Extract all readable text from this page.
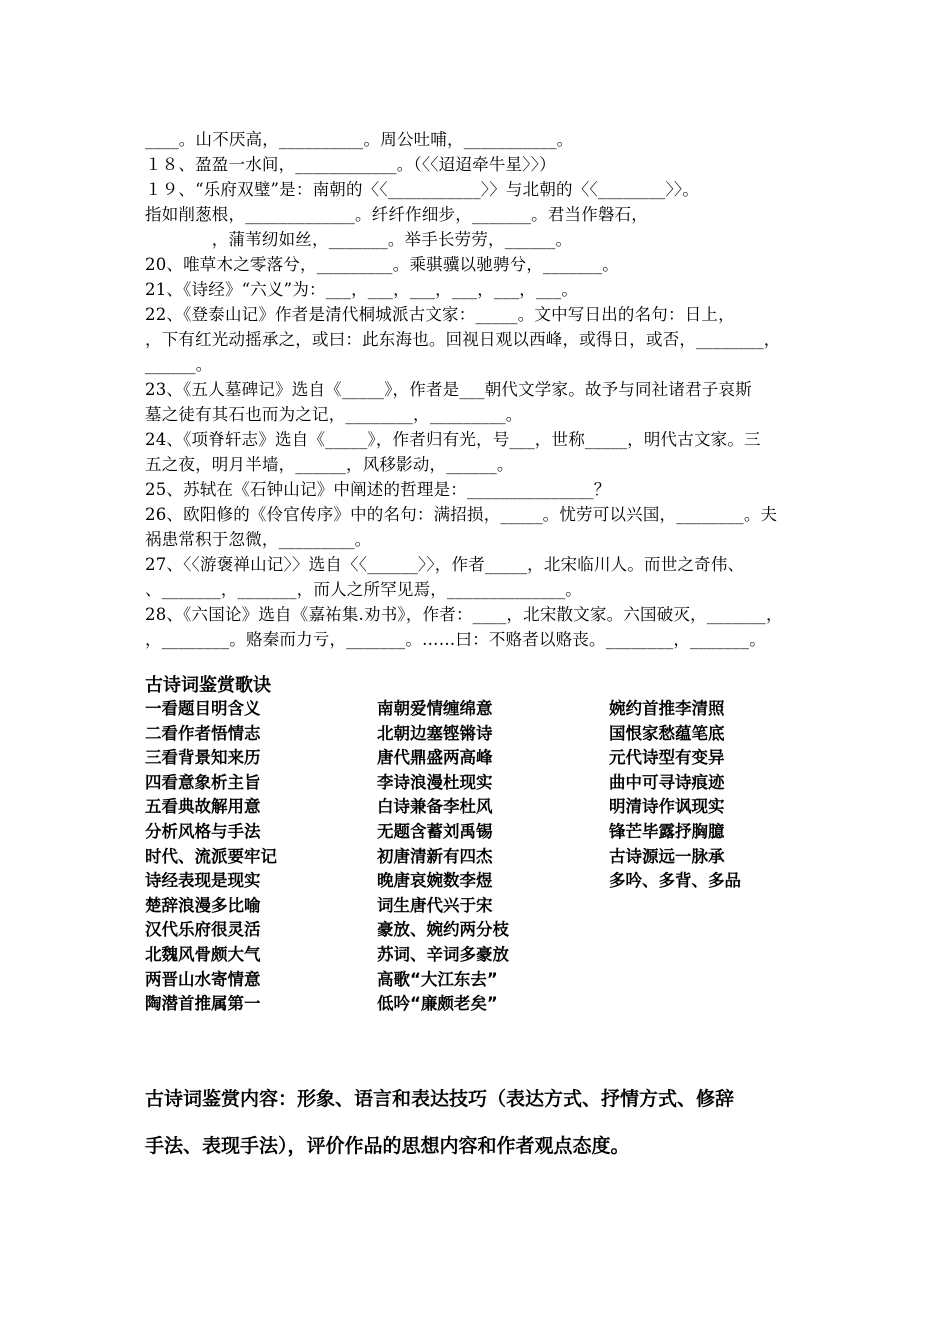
____。山不厌高，__________。周公吐哺，___________。
１８、盈盈一水间，____________。（〈〈迢迢牵牛星〉〉）
１９、“乐府双璧”是：南朝的〈〈___________〉〉与北朝的〈〈________〉〉。
指如削葱根，_____________。纤纤作细步，_______。君当作磐石，
　　　　，蒲苇纫如丝，_______。举手长劳劳，______。
20、唯草木之零落兮，_________。乘骐骥以驰骋兮，_______。
21、《诗经》“六义”为：___，___，___，___，___，___。
22、《登泰山记》作者是清代桐城派古文家：_____。文中写日出的名句：日上，
，下有红光动摇承之，或曰：此东海也。回视日观以西峰，或得日，或否，________，
______。
23、《五人墓碑记》选自《_____》，作者是___朝代文学家。故予与同社诸君子哀斯
墓之徒有其石也而为之记，________，_________。
24、《项脊轩志》选自《_____》，作者归有光，号___，世称_____，明代古文家。三
五之夜，明月半墙，______，风移影动，______。
25、苏轼在《石钟山记》中阐述的哲理是：_______________？
26、欧阳修的《伶官传序》中的名句：满招损，_____。忧劳可以兴国，________。夫
祸患常积于忽微，_________。
27、〈〈游褒禅山记〉〉选自〈〈______〉〉，作者_____，北宋临川人。而世之奇伟、
、_______，_______，而人之所罕见焉，______________。
28、《六国论》选自《嘉祐集.劝书》，作者：____，北宋散文家。六国破灭，_______，
，________。赂秦而力亏，_______。……曰：不赂者以赂丧。________，_______。
古诗词鉴赏歌诀
一看题目明含义
二看作者悟情志
三看背景知来历
四看意象析主旨
五看典故解用意
分析风格与手法
时代、流派要牢记
诗经表现是现实
楚辞浪漫多比喻
汉代乐府很灵活
北魏风骨颇大气
两晋山水寄情意
陶潜首推属第一
南朝爱情缠绵意
北朝边塞铿锵诗
唐代鼎盛两高峰
李诗浪漫杜现实
白诗兼备李杜风
无题含蓄刘禹锡
初唐清新有四杰
晚唐哀婉数李煜
词生唐代兴于宋
豪放、婉约两分枝
苏词、辛词多豪放
高歌“大江东去”
低吟“廉颇老矣”
婉约首推李清照
国恨家愁蕴笔底
元代诗型有变异
曲中可寻诗痕迹
明清诗作讽现实
锋芒毕露抒胸臆
古诗源远一脉承
多吟、多背、多品
古诗词鉴赏内容：形象、语言和表达技巧（表达方式、抒情方式、修辞
手法、表现手法），评价作品的思想内容和作者观点态度。
